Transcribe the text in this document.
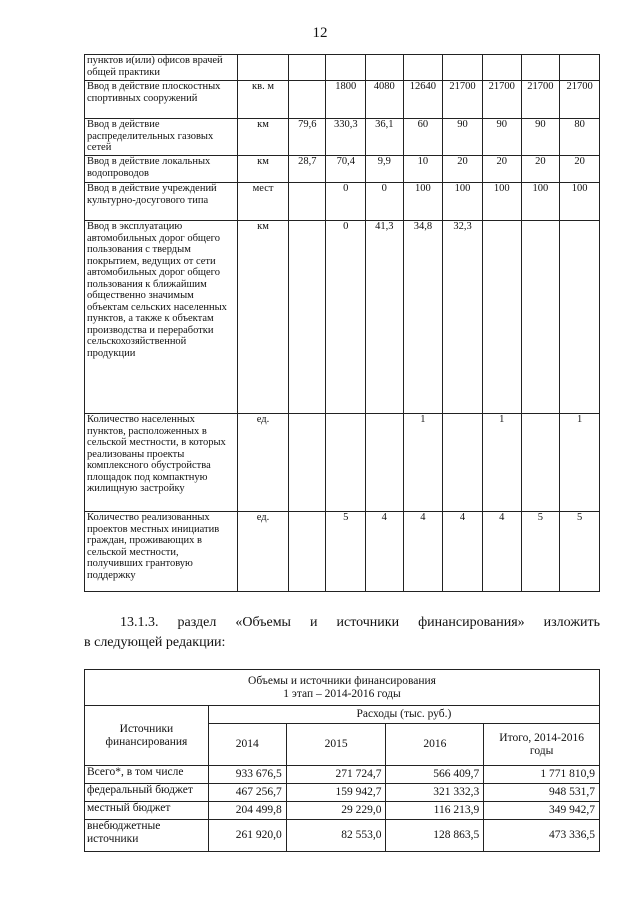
12
пунктов и(или) офисов врачей общей практики									
Ввод в действие плоскостных спортивных сооружений	кв. м		1800	4080	12640	21700	21700	21700	21700
Ввод в действие распределительных газовых сетей	км	79,6	330,3	36,1	60	90	90	90	80
Ввод в действие локальных водопроводов	км	28,7	70,4	9,9	10	20	20	20	20
Ввод в действие учреждений культурно-досугового типа	мест		0	0	100	100	100	100	100
Ввод в эксплуатацию автомобильных дорог общего пользования с твердым покрытием, ведущих от сети автомобильных дорог общего пользования к ближайшим общественно значимым объектам сельских населенных пунктов, а также к объектам производства и переработки сельскохозяйственной продукции	км		0	41,3	34,8	32,3			
Количество населенных пунктов, расположенных в сельской местности, в которых реализованы проекты комплексного обустройства площадок под компактную жилищную застройку	ед.				1		1		1
Количество реализованных проектов местных инициатив граждан, проживающих в сельской местности, получивших грантовую поддержку	ед.		5	4	4	4	4	5	5
13.1.3. раздел «Объемы и источники финансирования» изложить
в следующей редакции:
Объемы и источники финансирования
1 этап – 2014-2016 годы				

Источники финансирования	Расходы (тыс. руб.)			
	2014	2015	2016	Итого, 2014-2016 годы
Всего*, в том числе	933 676,5	271 724,7	566 409,7	1 771 810,9
федеральный бюджет	467 256,7	159 942,7	321 332,3	948 531,7
местный бюджет	204 499,8	29 229,0	116 213,9	349 942,7
внебюджетные источники	261 920,0	82 553,0	128 863,5	473 336,5
